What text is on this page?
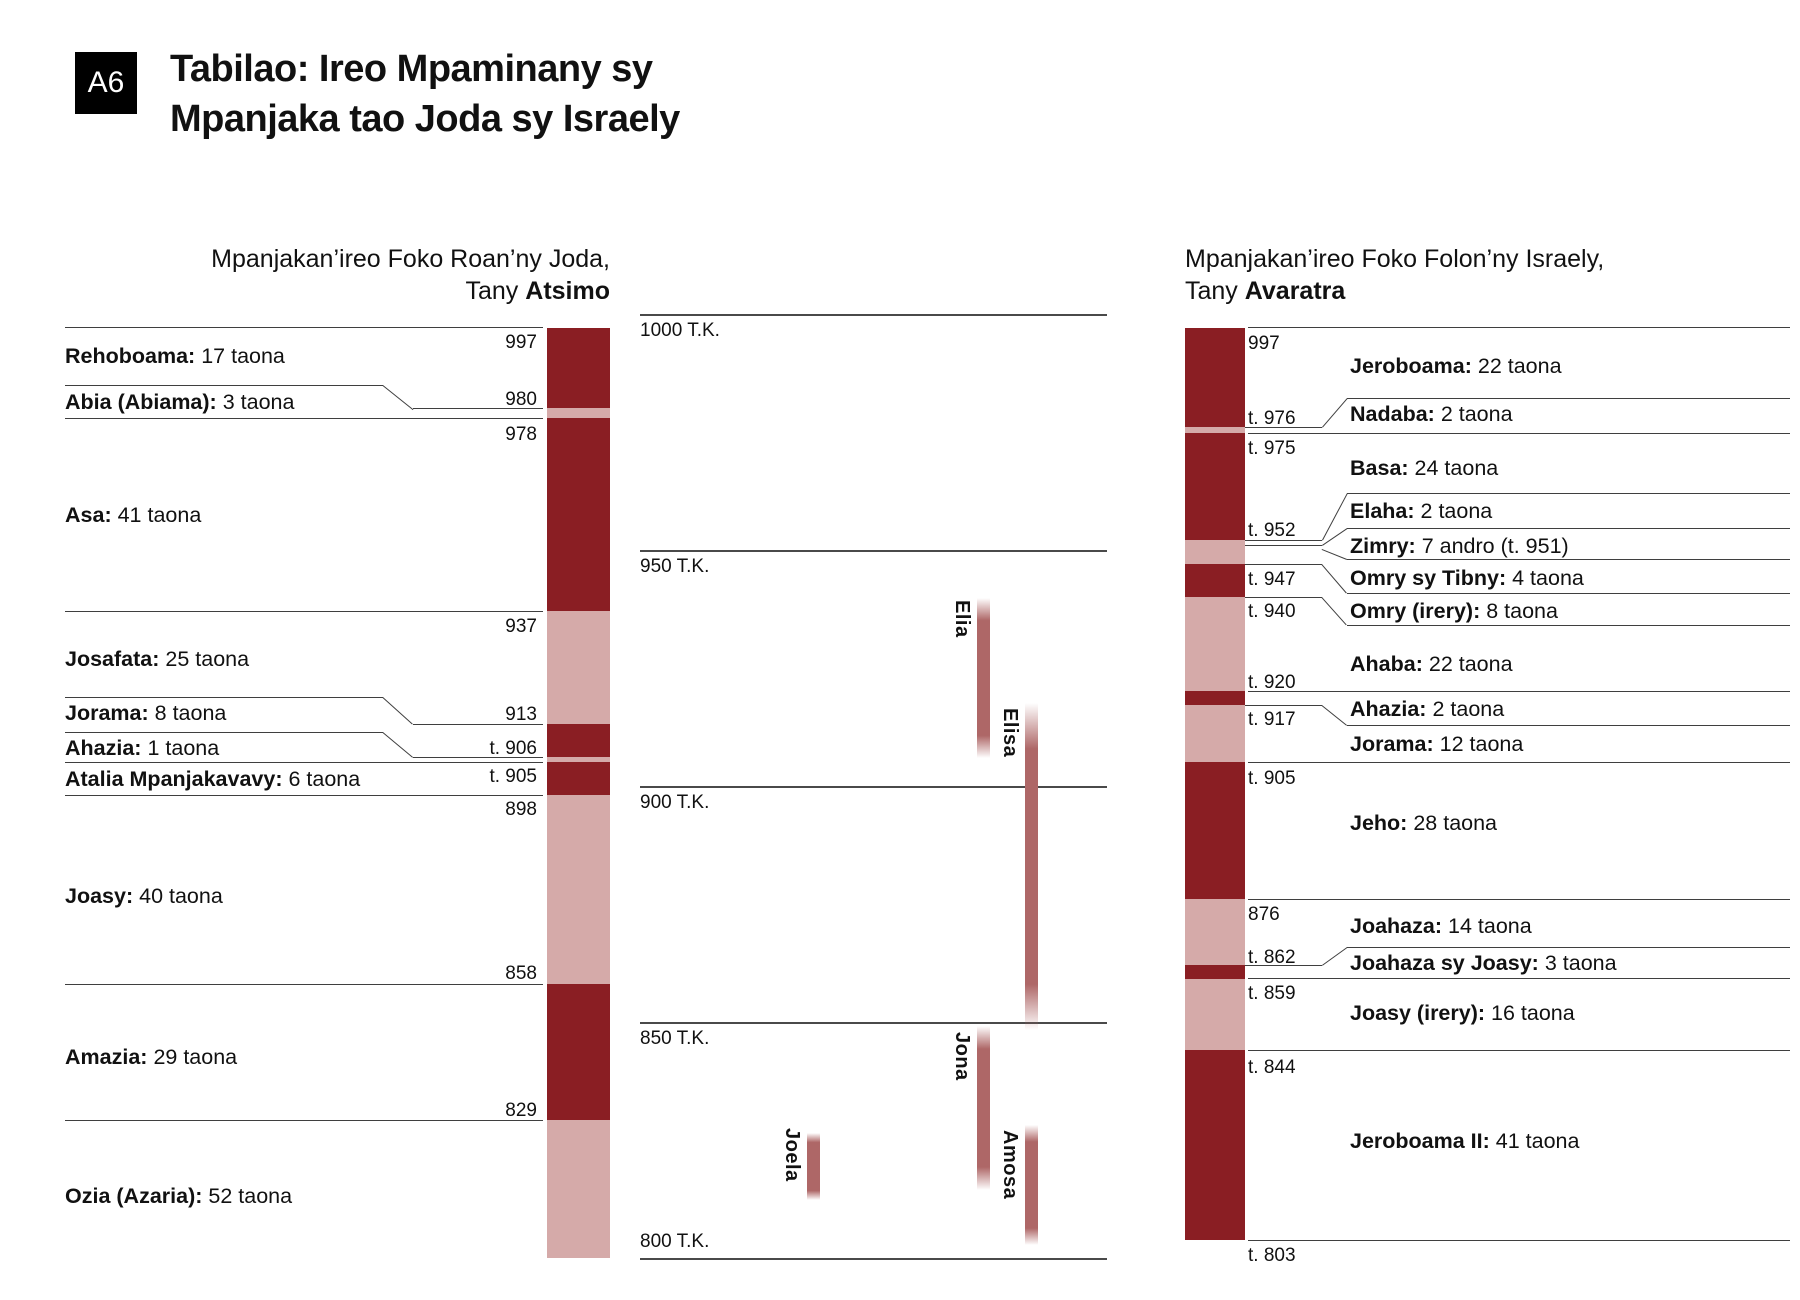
A6	Tabilao: Ireo Mpaminany sy
Mpanjaka tao Joda sy Israely
Mpanjakan’ireo Foko Roan’ny Joda,
Tany Atsimo
Mpanjakan’ireo Foko Folon’ny Israely,
Tany Avaratra
1000 T.K.
950 T.K.
900 T.K.
850 T.K.
800 T.K.
Elia
Elisa
Jona
Joela	Amosa
997
980
978
937
913
t. 906
t. 905
898
858
829
Rehoboama: 17 taona
Abia (Abiama): 3 taona
Asa: 41 taona
Josafata: 25 taona
Jorama: 8 taona
Ahazia: 1 taona
Atalia Mpanjakavavy: 6 taona
Joasy: 40 taona
Amazia: 29 taona
Ozia (Azaria): 52 taona
997
t. 976
t. 975
t. 952
t. 947
t. 940
t. 920
t. 917
t. 905
876
t. 862
t. 859
t. 844
t. 803
Jeroboama: 22 taona
Nadaba: 2 taona
Basa: 24 taona
Elaha: 2 taona
Zimry: 7 andro (t. 951)
Omry sy Tibny: 4 taona
Omry (irery): 8 taona
Ahaba: 22 taona
Ahazia: 2 taona
Jorama: 12 taona
Jeho: 28 taona
Joahaza: 14 taona
Joahaza sy Joasy: 3 taona
Joasy (irery): 16 taona
Jeroboama II: 41 taona
